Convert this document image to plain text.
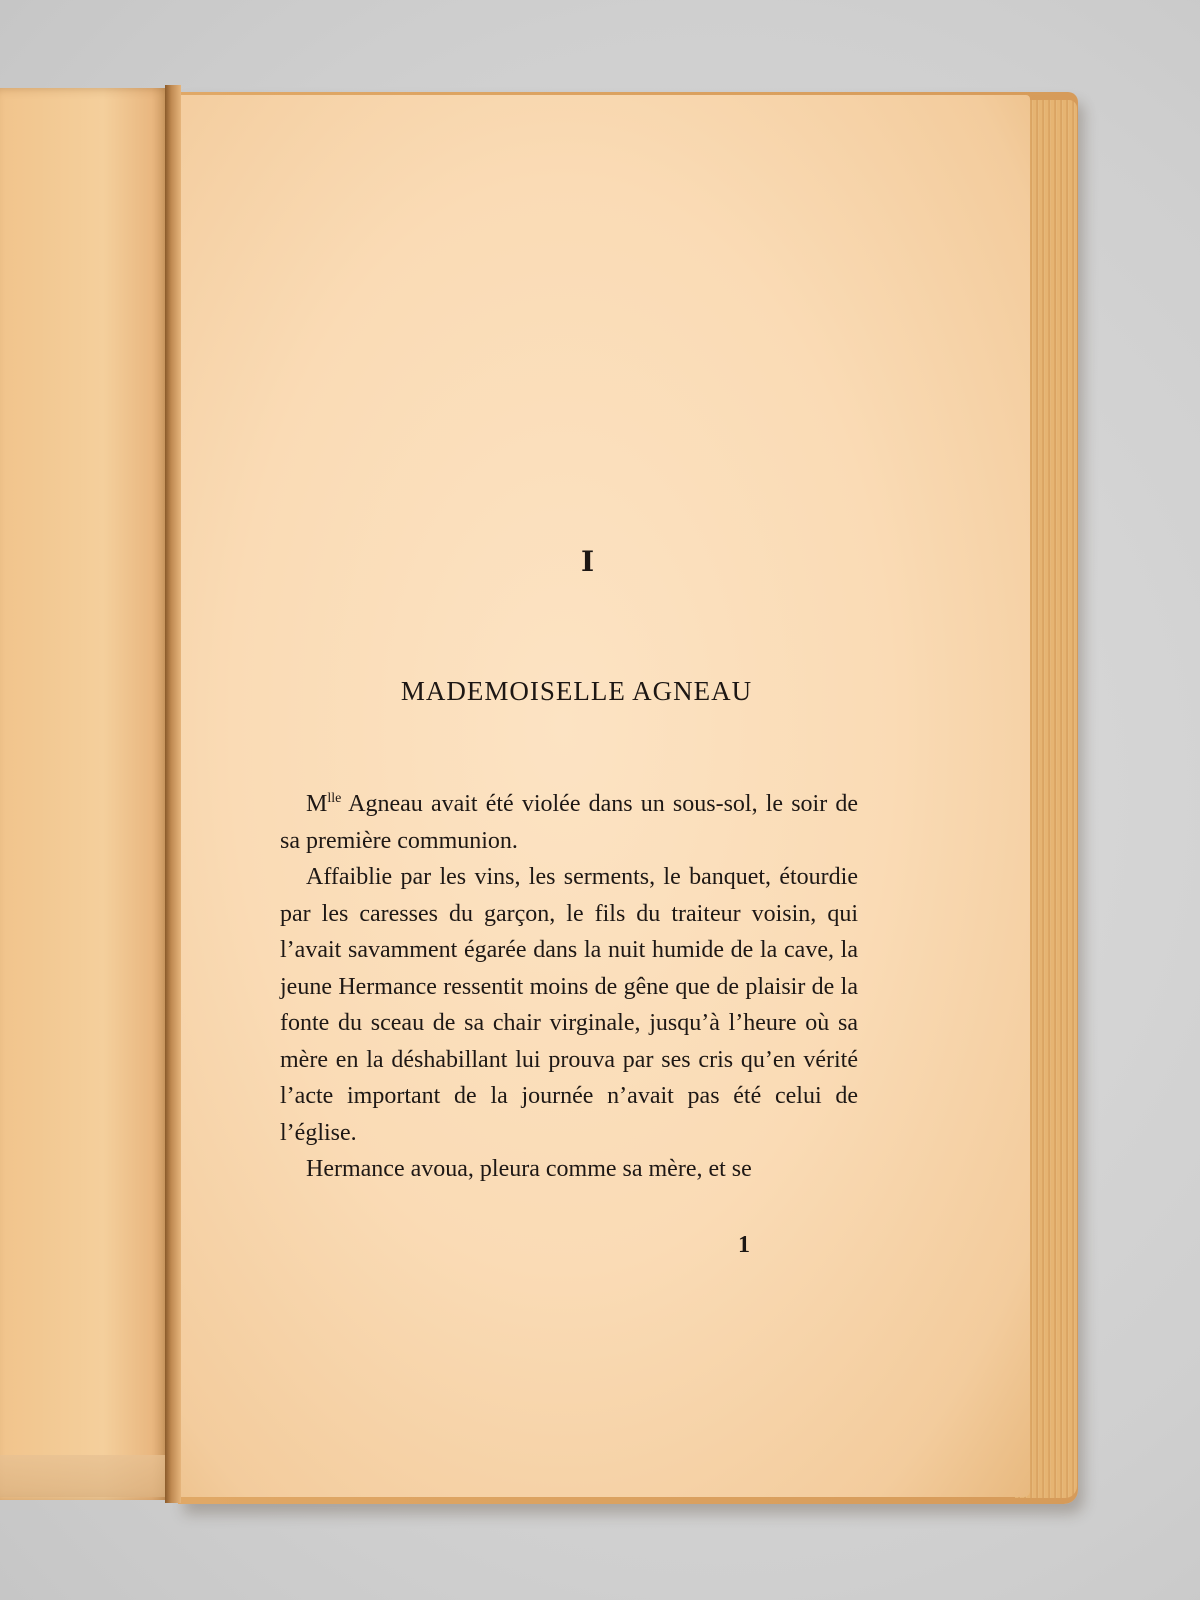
I
MADEMOISELLE AGNEAU

$M^{lle}$ Agneau avait été violée dans un sous-sol, le soir de sa première communion.

Affaiblie par les vins, les serments, le banquet, étourdie par les caresses du garçon, le fils du traiteur voisin, qui l’avait savamment égarée dans la nuit humide de la cave, la jeune Hermance ressentit moins de gêne que de plaisir de la fonte du sceau de sa chair virginale, jusqu’à l’heure où sa mère en la déshabillant lui prouva par ses cris qu’en vérité l’acte important de la journée n’avait pas été celui de l’église.

Hermance avoua, pleura comme sa mère, et se

1
